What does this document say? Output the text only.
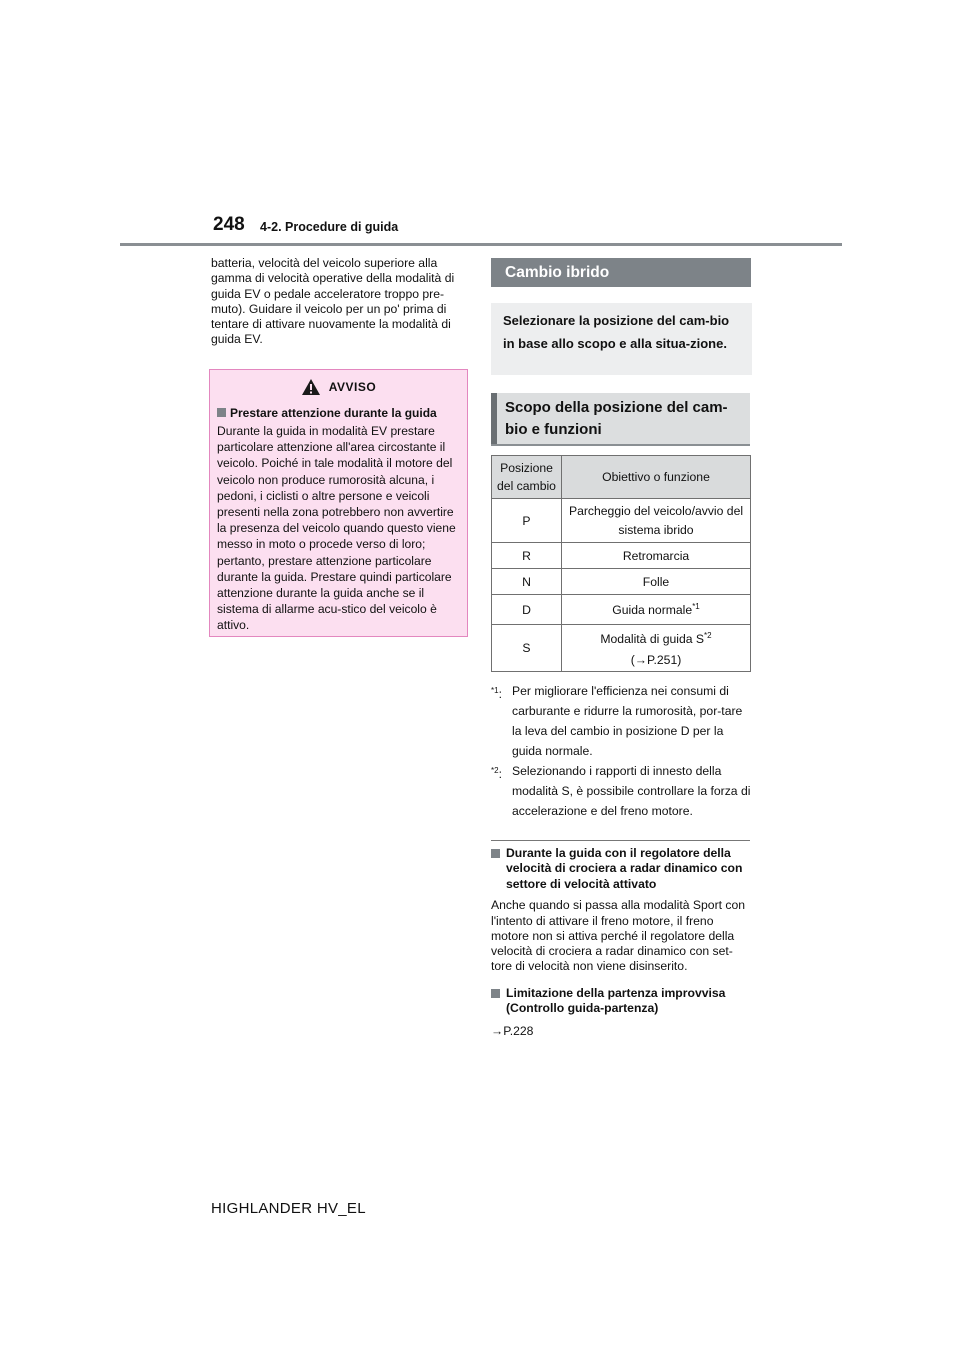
248 4-2. Procedure di guida
batteria, velocità del veicolo superiore alla gamma di velocità operative della modalità di guida EV o pedale acceleratore troppo pre-muto). Guidare il veicolo per un po' prima di tentare di attivare nuovamente la modalità di guida EV.
AVVISO
Prestare attenzione durante la guida
Durante la guida in modalità EV prestare particolare attenzione all'area circostante il veicolo. Poiché in tale modalità il motore del veicolo non produce rumorosità alcuna, i pedoni, i ciclisti o altre persone e veicoli presenti nella zona potrebbero non avvertire la presenza del veicolo quando questo viene messo in moto o procede verso di loro; pertanto, prestare attenzione particolare durante la guida. Prestare quindi particolare attenzione durante la guida anche se il sistema di allarme acu-stico del veicolo è attivo.
Cambio ibrido
Selezionare la posizione del cam-bio in base allo scopo e alla situa-zione.
Scopo della posizione del cam-bio e funzioni
Posizione del cambio	Obiettivo o funzione
P	Parcheggio del veicolo/avvio del sistema ibrido
R	Retromarcia
N	Folle
D	Guida normale$^{*1}$
S	Modalità di guida $S^{*2}$
(→P.251)
$^{*1}$: Per migliorare l'efficienza nei consumi di carburante e ridurre la rumorosità, por-tare la leva del cambio in posizione D per la guida normale.
$^{*2}$: Selezionando i rapporti di innesto della modalità S, è possibile controllare la forza di accelerazione e del freno motore.
Durante la guida con il regolatore della velocità di crociera a radar dinamico con settore di velocità attivato
Anche quando si passa alla modalità Sport con l'intento di attivare il freno motore, il freno motore non si attiva perché il regolatore della velocità di crociera a radar dinamico con set-tore di velocità non viene disinserito.
Limitazione della partenza improvvisa (Controllo guida-partenza)
→P.228
HIGHLANDER HV_EL
